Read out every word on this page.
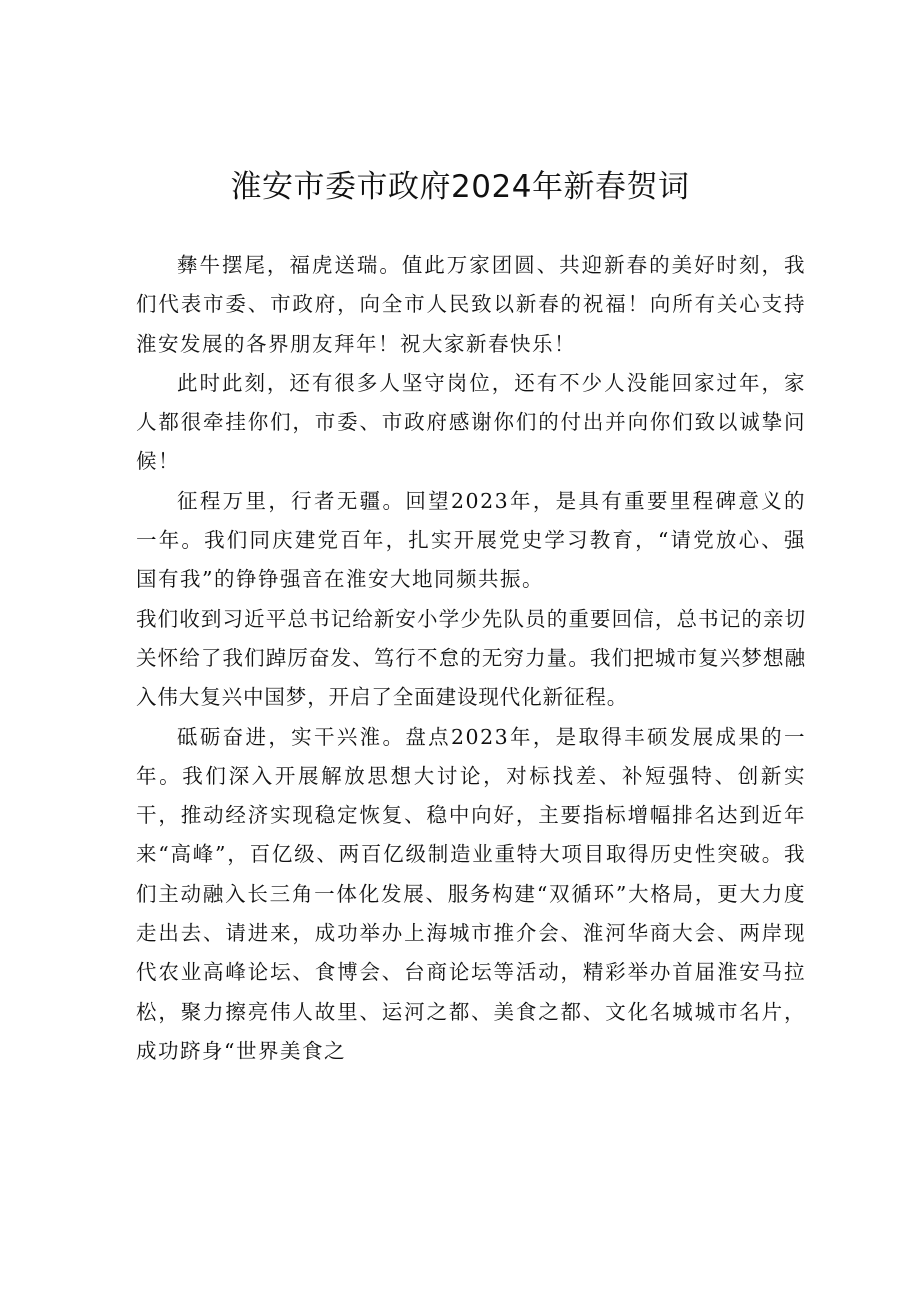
淮安市委市政府2024年新春贺词

彝牛摆尾，福虎送瑞。值此万家团圆、共迎新春的美好时刻，我们代表市委、市政府，向全市人民致以新春的祝福！向所有关心支持淮安发展的各界朋友拜年！祝大家新春快乐！

此时此刻，还有很多人坚守岗位，还有不少人没能回家过年，家人都很牵挂你们，市委、市政府感谢你们的付出并向你们致以诚挚问候！

征程万里，行者无疆。回望2023年，是具有重要里程碑意义的一年。我们同庆建党百年，扎实开展党史学习教育，“请党放心、强国有我”的铮铮强音在淮安大地同频共振。

我们收到习近平总书记给新安小学少先队员的重要回信，总书记的亲切关怀给了我们踔厉奋发、笃行不怠的无穷力量。我们把城市复兴梦想融入伟大复兴中国梦，开启了全面建设现代化新征程。

砥砺奋进，实干兴淮。盘点2023年，是取得丰硕发展成果的一年。我们深入开展解放思想大讨论，对标找差、补短强特、创新实干，推动经济实现稳定恢复、稳中向好，主要指标增幅排名达到近年来“高峰”，百亿级、两百亿级制造业重特大项目取得历史性突破。我们主动融入长三角一体化发展、服务构建“双循环”大格局，更大力度走出去、请进来，成功举办上海城市推介会、淮河华商大会、两岸现代农业高峰论坛、食博会、台商论坛等活动，精彩举办首届淮安马拉松，聚力擦亮伟人故里、运河之都、美食之都、文化名城城市名片，成功跻身“世界美食之
